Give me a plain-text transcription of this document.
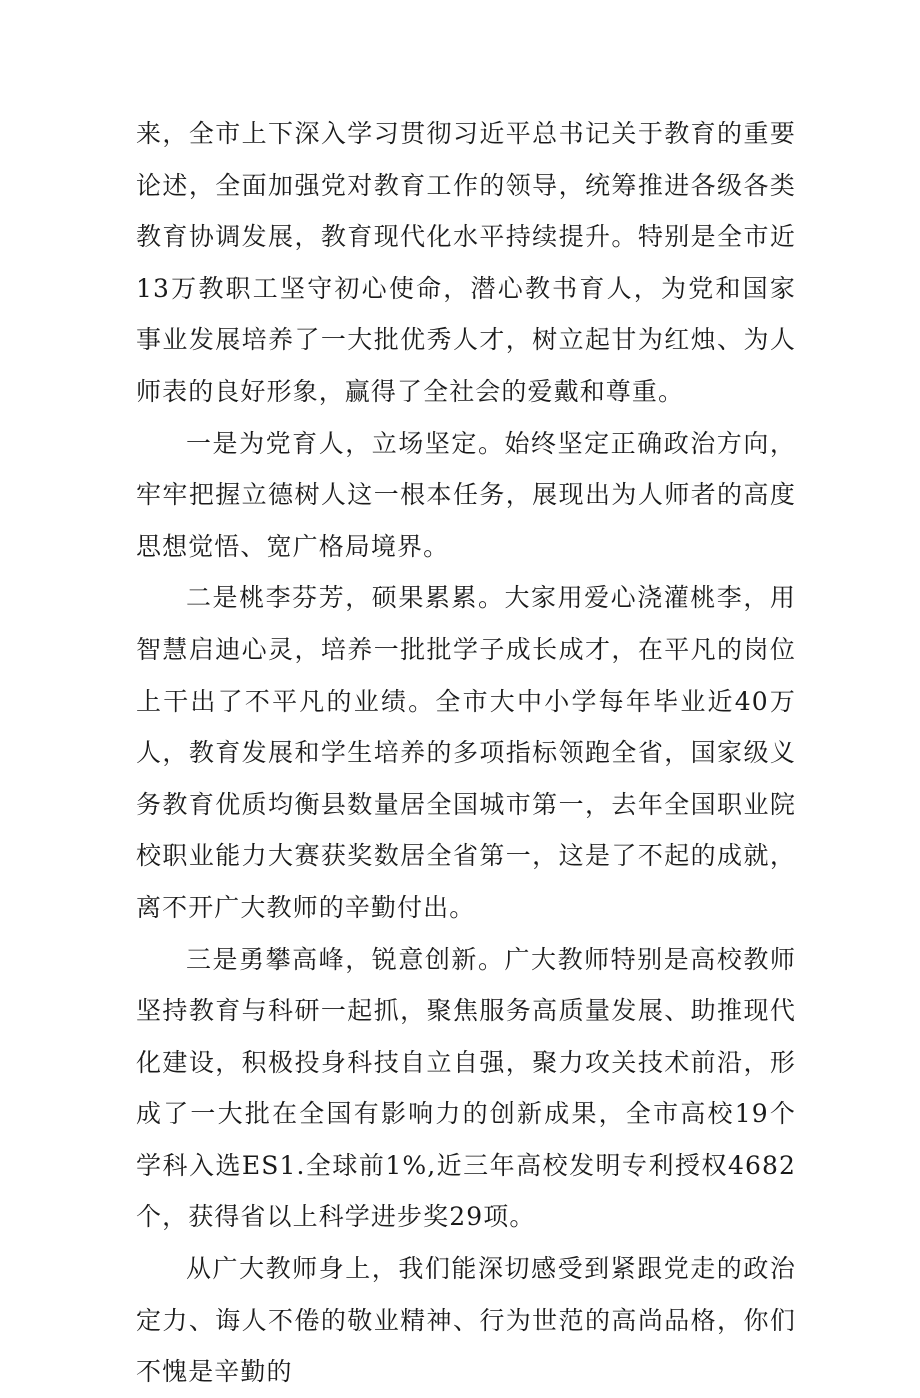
来，全市上下深入学习贯彻习近平总书记关于教育的重要论述，全面加强党对教育工作的领导，统筹推进各级各类教育协调发展，教育现代化水平持续提升。特别是全市近13万教职工坚守初心使命，潜心教书育人，为党和国家事业发展培养了一大批优秀人才，树立起甘为红烛、为人师表的良好形象，赢得了全社会的爱戴和尊重。

一是为党育人，立场坚定。始终坚定正确政治方向，牢牢把握立德树人这一根本任务，展现出为人师者的高度思想觉悟、宽广格局境界。

二是桃李芬芳，硕果累累。大家用爱心浇灌桃李，用智慧启迪心灵，培养一批批学子成长成才，在平凡的岗位上干出了不平凡的业绩。全市大中小学每年毕业近40万人，教育发展和学生培养的多项指标领跑全省，国家级义务教育优质均衡县数量居全国城市第一，去年全国职业院校职业能力大赛获奖数居全省第一，这是了不起的成就，离不开广大教师的辛勤付出。

三是勇攀高峰，锐意创新。广大教师特别是高校教师坚持教育与科研一起抓，聚焦服务高质量发展、助推现代化建设，积极投身科技自立自强，聚力攻关技术前沿，形成了一大批在全国有影响力的创新成果，全市高校19个学科入选ES1.全球前1%,近三年高校发明专利授权4682个，获得省以上科学进步奖29项。

从广大教师身上，我们能深切感受到紧跟党走的政治定力、诲人不倦的敬业精神、行为世范的高尚品格，你们不愧是辛勤的
